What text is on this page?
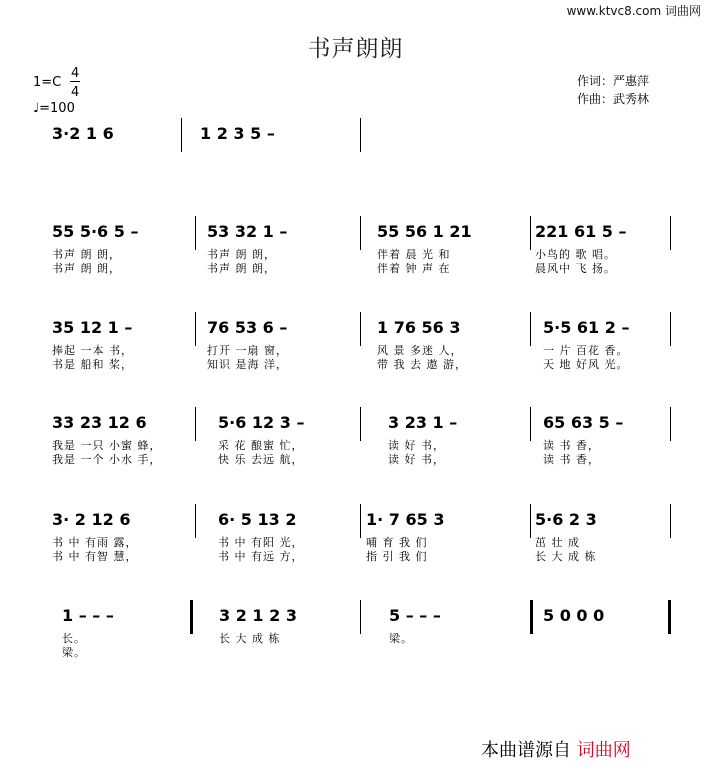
www.ktvc8.com 词曲网
书声朗朗
1=C
4
4
♩=100
作词：严惠萍
作曲：武秀林
3·2 1 6	1 2 3 5 –
55 5·6 5 –
书声 朗 朗，
书声 朗 朗，
53 32 1 –
书声 朗 朗，
书声 朗 朗，
55 56 1 21
伴着 晨 光 和
伴着 钟 声 在
221 61 5 –
小鸟的 歌 唱。
晨风中 飞 扬。
35 12 1 –
捧起 一本 书，
书是 船和 桨，
76 53 6 –
打开 一扇 窗，
知识 是海 洋，
1 76 56 3
风 景 多迷 人，
带 我 去 遨 游，
5·5 61 2 –
一 片 百花 香。
天 地 好风 光。
33 23 12 6
我是 一只 小蜜 蜂，
我是 一个 小水 手，
5·6 12 3 –
采 花 酿蜜 忙，
快 乐 去远 航，
3 23 1 –
读 好 书，
读 好 书，
65 63 5 –
读 书 香，
读 书 香，
3· 2 12 6
书 中 有雨 露，
书 中 有智 慧，
6· 5 13 2
书 中 有阳 光，
书 中 有远 方，
1· 7 65 3
哺 育 我 们
指 引 我 们
5·6 2 3
茁 壮 成
长 大 成 栋
1 – – –
长。
梁。
3 2 1 2 3
长 大 成 栋
5 – – –
梁。
5 0 0 0
本曲谱源自 词曲网
